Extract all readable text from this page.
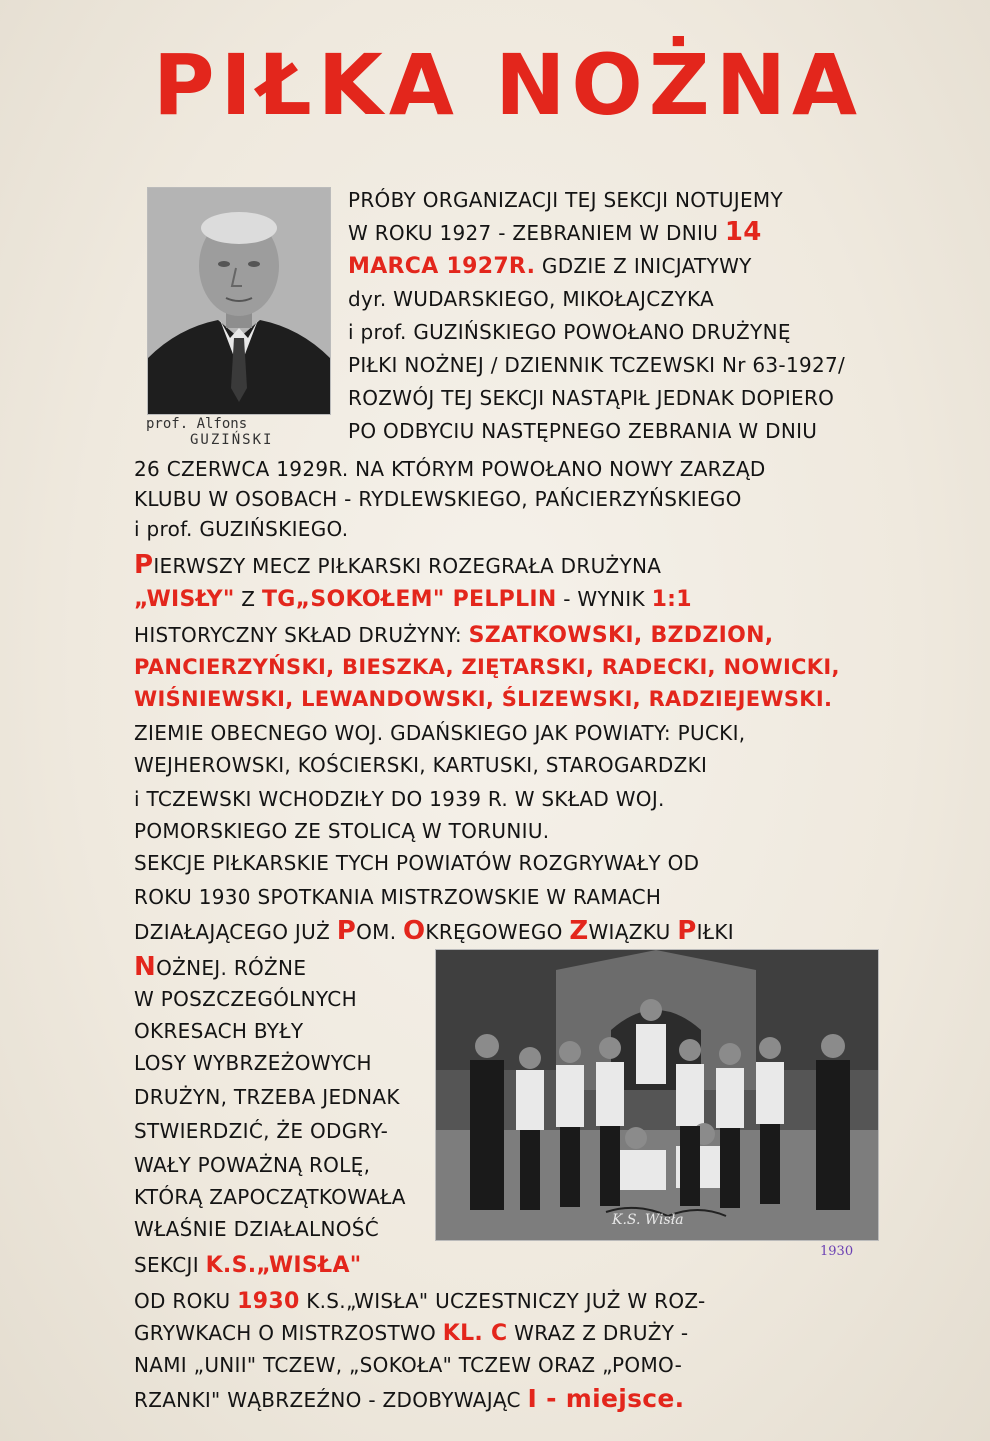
PIŁKA NOŻNA
prof. Alfons
GUZIŃSKI
PRÓBY ORGANIZACJI TEJ SEKCJI NOTUJEMY
W ROKU 1927 - ZEBRANIEM W DNIU 14
MARCA 1927R. GDZIE Z INICJATYWY
dyr. WUDARSKIEGO, MIKOŁAJCZYKA
i prof. GUZIŃSKIEGO POWOŁANO DRUŻYNĘ
PIŁKI NOŻNEJ / DZIENNIK TCZEWSKI Nr 63-1927/
ROZWÓJ TEJ SEKCJI NASTĄPIŁ JEDNAK DOPIERO
PO ODBYCIU NASTĘPNEGO ZEBRANIA W DNIU
26 CZERWCA 1929R. NA KTÓRYM POWOŁANO NOWY ZARZĄD
KLUBU W OSOBACH - RYDLEWSKIEGO, PAŃCIERZYŃSKIEGO
i prof. GUZIŃSKIEGO.
PIERWSZY MECZ PIŁKARSKI ROZEGRAŁA DRUŻYNA
„WISŁY" Z TG„SOKOŁEM" PELPLIN - WYNIK 1:1
HISTORYCZNY SKŁAD DRUŻYNY: SZATKOWSKI, BZDZION,
PANCIERZYŃSKI, BIESZKA, ZIĘTARSKI, RADECKI, NOWICKI,
WIŚNIEWSKI, LEWANDOWSKI, ŚLIZEWSKI, RADZIEJEWSKI.
ZIEMIE OBECNEGO WOJ. GDAŃSKIEGO JAK POWIATY: PUCKI,
WEJHEROWSKI, KOŚCIERSKI, KARTUSKI, STAROGARDZKI
i TCZEWSKI WCHODZIŁY DO 1939 R. W SKŁAD WOJ.
POMORSKIEGO ZE STOLICĄ W TORUNIU.
SEKCJE PIŁKARSKIE TYCH POWIATÓW ROZGRYWAŁY OD
ROKU 1930 SPOTKANIA MISTRZOWSKIE W RAMACH
DZIAŁAJĄCEGO JUŻ POM. OKRĘGOWEGO ZWIĄZKU PIŁKI
NOŻNEJ. RÓŻNE
W POSZCZEGÓLNYCH
OKRESACH BYŁY
LOSY WYBRZEŻOWYCH
DRUŻYN, TRZEBA JEDNAK
STWIERDZIĆ, ŻE ODGRY-
WAŁY POWAŻNĄ ROLĘ,
KTÓRĄ ZAPOCZĄTKOWAŁA
WŁAŚNIE DZIAŁALNOŚĆ
SEKCJI K.S.„WISŁA"
OD ROKU 1930 K.S.„WISŁA" UCZESTNICZY JUŻ W ROZ-
GRYWKACH O MISTRZOSTWO KL. C WRAZ Z DRUŻY -
NAMI „UNII" TCZEW, „SOKOŁA" TCZEW ORAZ „POMO-
RZANKI" WĄBRZEŹNO - ZDOBYWAJĄC I - miejsce.
1930
K.S. Wisła
